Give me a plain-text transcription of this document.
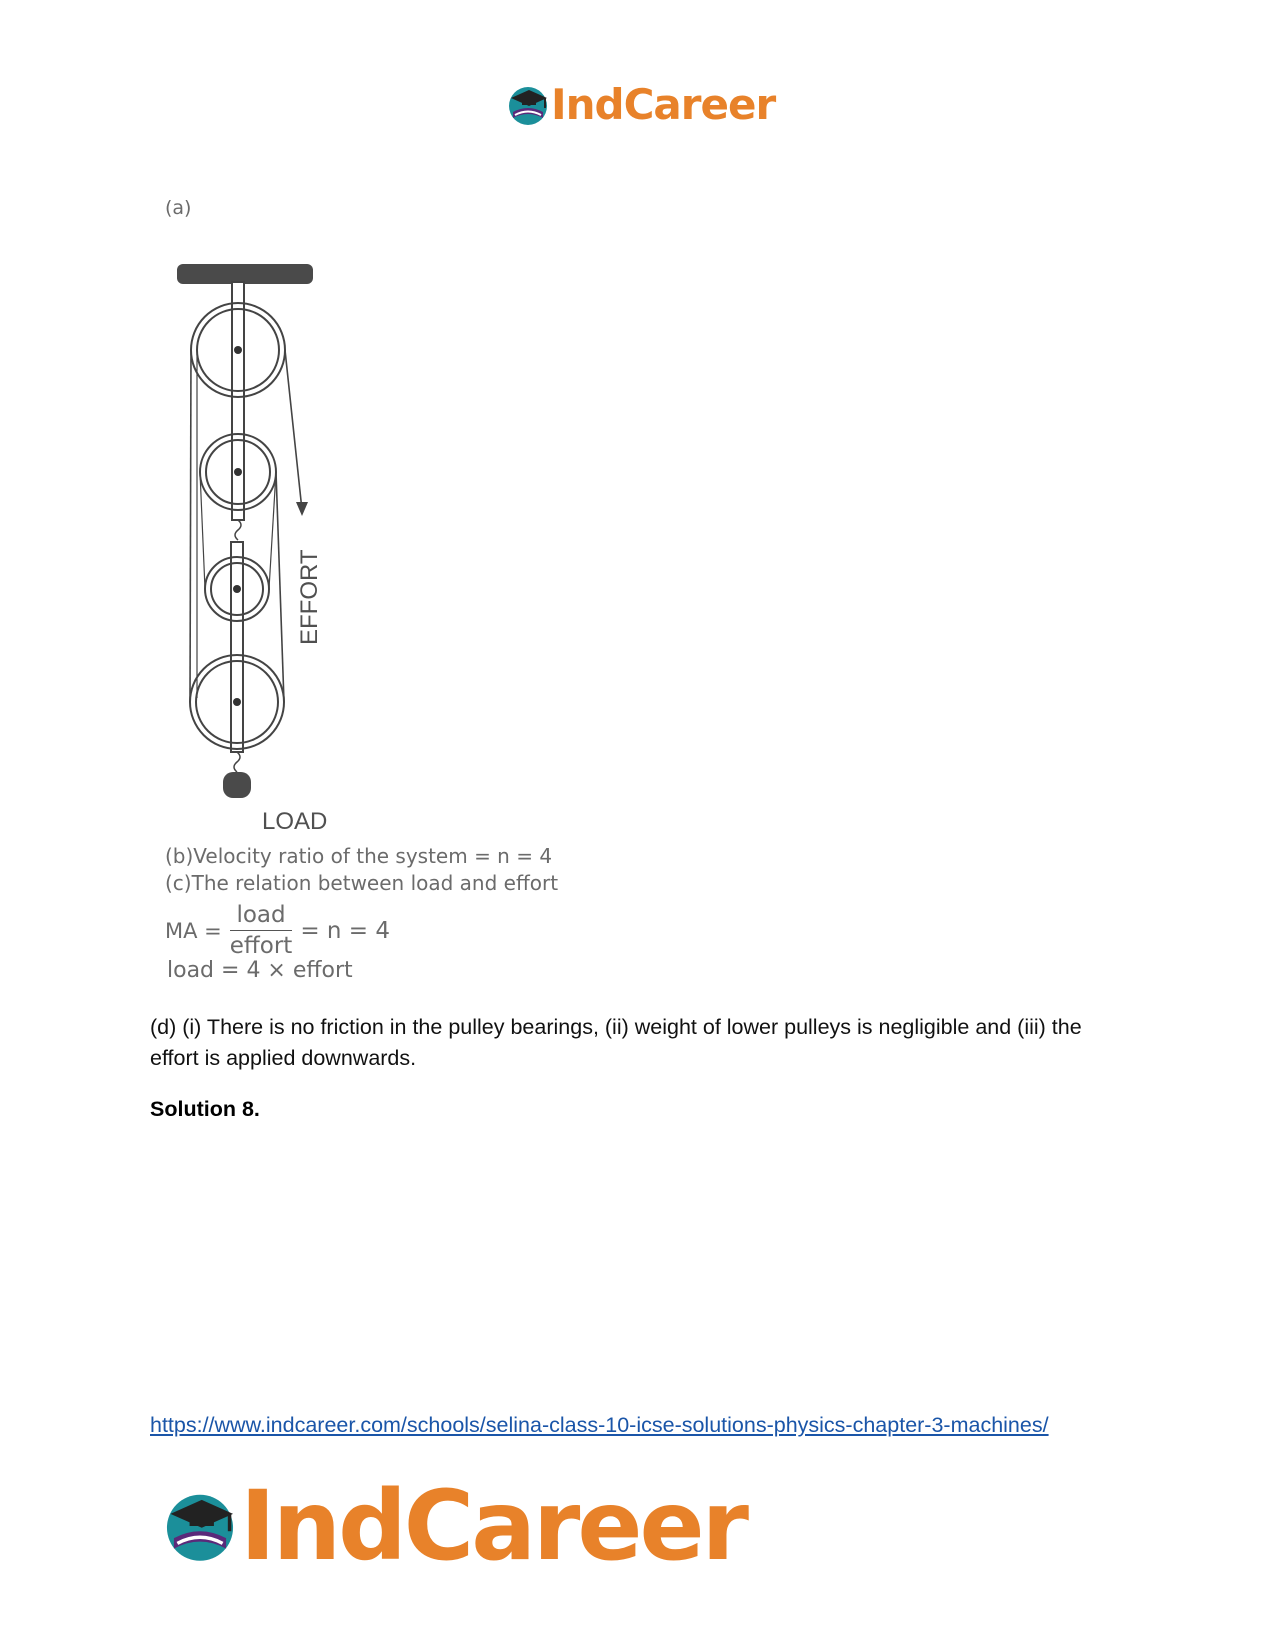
IndCareer
(a)
EFFORT
LOAD
(b)Velocity ratio of the system = n = 4
(c)The relation between load and effort
MA = $\frac{\text{load}}{\text{effort}} = n = 4$
load = 4 × effort
(d) (i) There is no friction in the pulley bearings, (ii) weight of lower pulleys is negligible and (iii) the effort is applied downwards.
Solution 8.
https://www.indcareer.com/schools/selina-class-10-icse-solutions-physics-chapter-3-machines/
IndCareer
